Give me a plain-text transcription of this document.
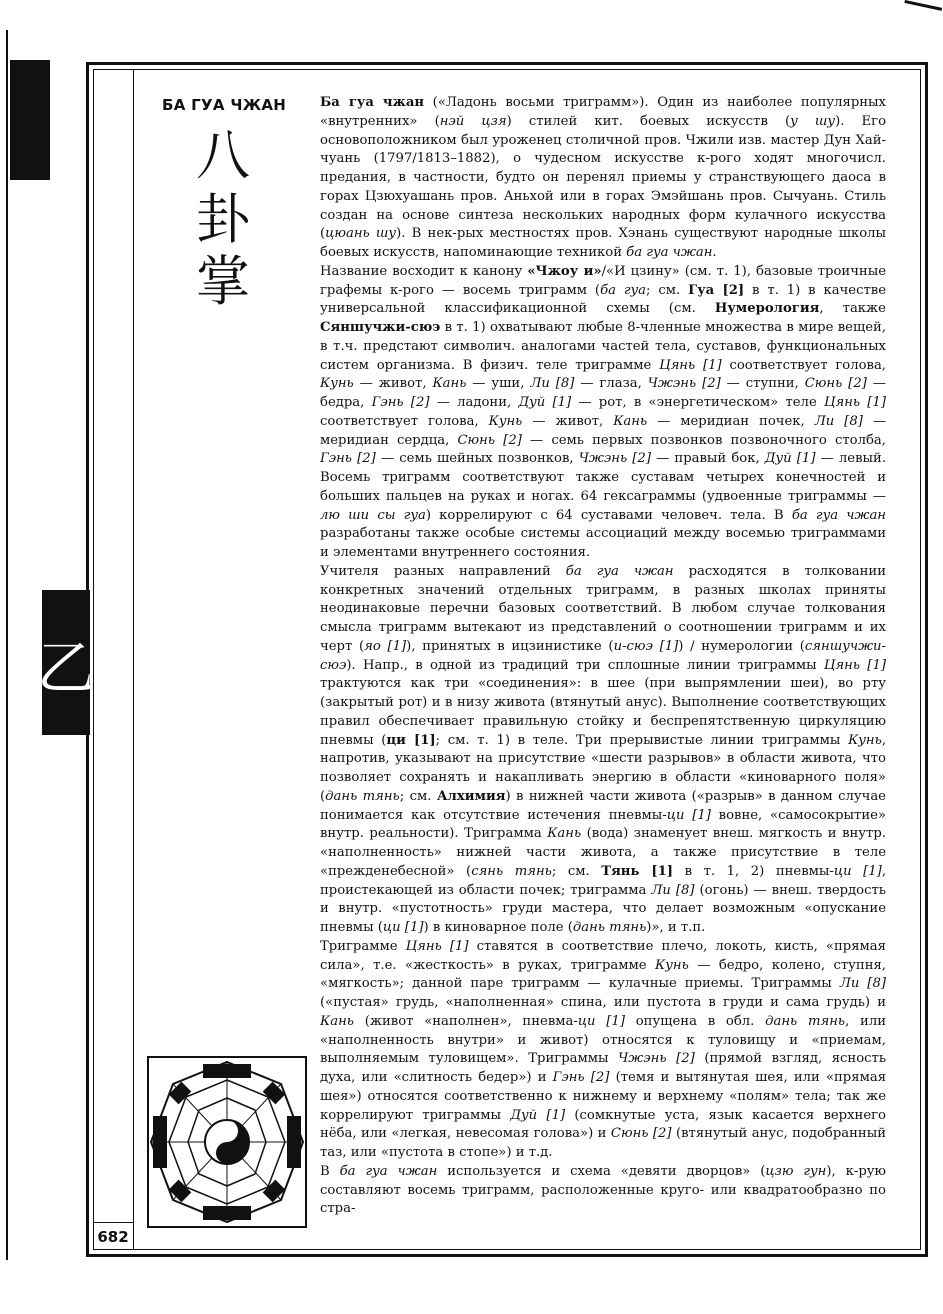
乙
БА ГУА ЧЖАН
八
卦
掌

Ба гуа чжан («Ладонь восьми триграмм»). Один из наиболее популярных «внутренних» (нэй цзя) стилей кит. боевых искусств (у шу). Его основоположником был уроженец столичной пров. Чжили изв. мастер Дун Хай-чуань (1797/1813–1882), о чудесном искусстве к-рого ходят многочисл. предания, в частности, будто он перенял приемы у странствующего даоса в горах Цзюхуашань пров. Аньхой или в горах Эмэйшань пров. Сычуань. Стиль создан на основе синтеза нескольких народных форм кулачного искусства (цюань шу). В нек-рых местностях пров. Хэнань существуют народные школы боевых искусств, напоминающие техникой ба гуа чжан.

Название восходит к канону «Чжоу и»/«И цзину» (см. т. 1), базовые троичные графемы к-рого — восемь триграмм (ба гуа; см. Гуа [2] в т. 1) в качестве универсальной классификационной схемы (см. Нумерология, также Сяншучжи-сюэ в т. 1) охватывают любые 8-членные множества в мире вещей, в т.ч. предстают символич. аналогами частей тела, суставов, функциональных систем организма. В физич. теле триграмме Цянь [1] соответствует голова, Кунь — живот, Кань — уши, Ли [8] — глаза, Чжэнь [2] — ступни, Сюнь [2] — бедра, Гэнь [2] — ладони, Дуй [1] — рот, в «энергетическом» теле Цянь [1] соответствует голова, Кунь — живот, Кань — меридиан почек, Ли [8] — меридиан сердца, Сюнь [2] — семь первых позвонков позвоночного столба, Гэнь [2] — семь шейных позвонков, Чжэнь [2] — правый бок, Дуй [1] — левый. Восемь триграмм соответствуют также суставам четырех конечностей и больших пальцев на руках и ногах. 64 гексаграммы (удвоенные триграммы — лю ши сы гуа) коррелируют с 64 суставами человеч. тела. В ба гуа чжан разработаны также особые системы ассоциаций между восемью триграммами и элементами внутреннего состояния.

Учителя разных направлений ба гуа чжан расходятся в толковании конкретных значений отдельных триграмм, в разных школах приняты неодинаковые перечни базовых соответствий. В любом случае толкования смысла триграмм вытекают из представлений о соотношении триграмм и их черт (яо [1]), принятых в ицзинистике (и-сюэ [1]) / нумерологии (сяншучжи-сюэ). Напр., в одной из традиций три сплошные линии триграммы Цянь [1] трактуются как три «соединения»: в шее (при выпрямлении шеи), во рту (закрытый рот) и в низу живота (втянутый анус). Выполнение соответствующих правил обеспечивает правильную стойку и беспрепятственную циркуляцию пневмы (ци [1]; см. т. 1) в теле. Три прерывистые линии триграммы Кунь, напротив, указывают на присутствие «шести разрывов» в области живота, что позволяет сохранять и накапливать энергию в области «киноварного поля» (дань тянь; см. Алхимия) в нижней части живота («разрыв» в данном случае понимается как отсутствие истечения пневмы-ци [1] вовне, «самосокрытие» внутр. реальности). Триграмма Кань (вода) знаменует внеш. мягкость и внутр. «наполненность» нижней части живота, а также присутствие в теле «прежденебесной» (сянь тянь; см. Тянь [1] в т. 1, 2) пневмы-ци [1], проистекающей из области почек; триграмма Ли [8] (огонь) — внеш. твердость и внутр. «пустотность» груди мастера, что делает возможным «опускание пневмы (ци [1]) в киноварное поле (дань тянь)», и т.п.

Триграмме Цянь [1] ставятся в соответствие плечо, локоть, кисть, «прямая сила», т.е. «жесткость» в руках, триграмме Кунь — бедро, колено, ступня, «мягкость»; данной паре триграмм — кулачные приемы. Триграммы Ли [8] («пустая» грудь, «наполненная» спина, или пустота в груди и сама грудь) и Кань (живот «наполнен», пневма-ци [1] опущена в обл. дань тянь, или «наполненность внутри» и живот) относятся к туловищу и «приемам, выполняемым туловищем». Триграммы Чжэнь [2] (прямой взгляд, ясность духа, или «слитность бедер») и Гэнь [2] (темя и вытянутая шея, или «прямая шея») относятся соответственно к нижнему и верхнему «полям» тела; так же коррелируют триграммы Дуй [1] (сомкнутые уста, язык касается верхнего нёба, или «легкая, невесомая голова») и Сюнь [2] (втянутый анус, подобранный таз, или «пустота в стопе») и т.д.

В ба гуа чжан используется и схема «девяти дворцов» (цзю гун), к-рую составляют восемь триграмм, расположенные круго- или квадратообразно по стра-

682
